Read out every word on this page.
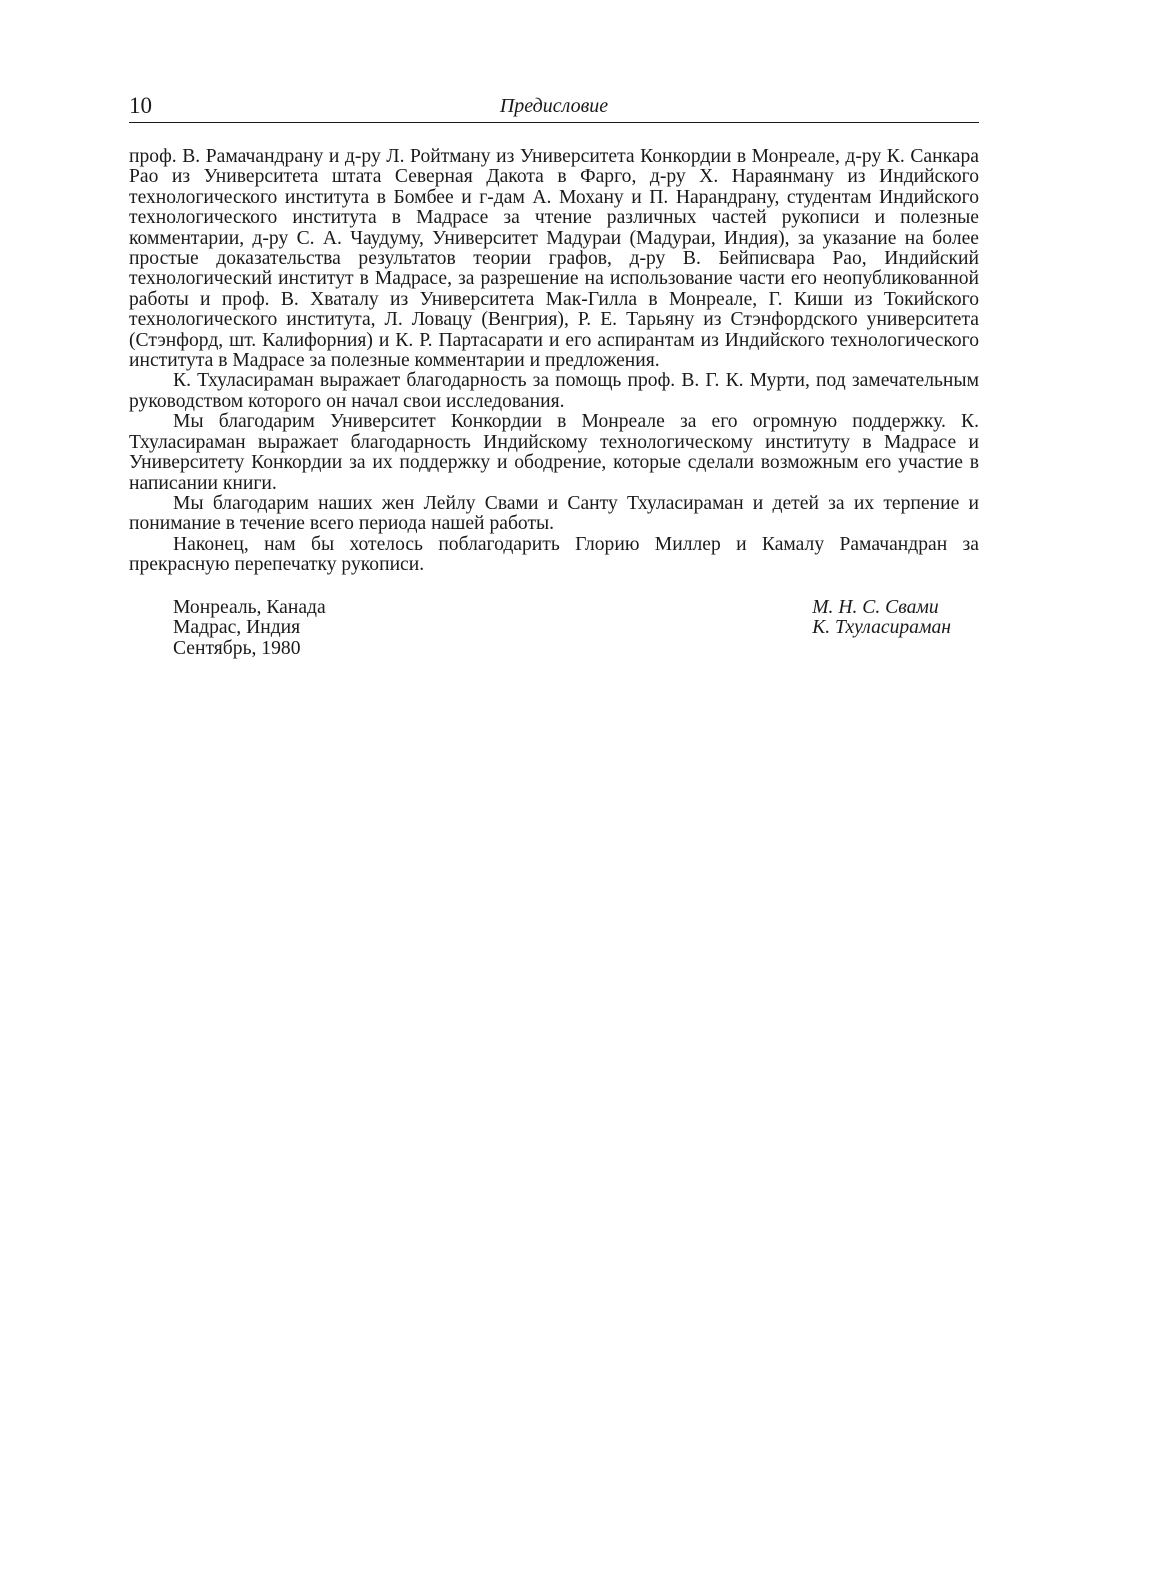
10	Предисловие

проф. В. Рамачандрану и д-ру Л. Ройтману из Университета Конкордии в Монреале, д-ру К. Санкара Рао из Университета штата Северная Дакота в Фарго, д-ру Х. Нараянману из Индийского технологического института в Бомбее и г-дам А. Мохану и П. Нарандрану, студентам Индийского технологического института в Мадрасе за чтение различных частей рукописи и полезные комментарии, д-ру С. А. Чаудуму, Университет Мадураи (Мадураи, Индия), за указание на более простые доказательства результатов теории графов, д-ру В. Бейписвара Рао, Индийский технологический институт в Мадрасе, за разрешение на использование части его неопубликованной работы и проф. В. Хваталу из Университета Мак-Гилла в Монреале, Г. Киши из Токийского технологического института, Л. Ловацу (Венгрия), Р. Е. Тарьяну из Стэнфордского университета (Стэнфорд, шт. Калифорния) и К. Р. Партасарати и его аспирантам из Индийского технологического института в Мадрасе за полезные комментарии и предложения.

К. Тхуласираман выражает благодарность за помощь проф. В. Г. К. Мурти, под замечательным руководством которого он начал свои исследования.

Мы благодарим Университет Конкордии в Монреале за его огромную поддержку. К. Тхуласираман выражает благодарность Индийскому технологическому институту в Мадрасе и Университету Конкордии за их поддержку и ободрение, которые сделали возможным его участие в написании книги.

Мы благодарим наших жен Лейлу Свами и Санту Тхуласираман и детей за их терпение и понимание в течение всего периода нашей работы.

Наконец, нам бы хотелось поблагодарить Глорию Миллер и Камалу Рамачандран за прекрасную перепечатку рукописи.

Монреаль, Канада
Мадрас, Индия
Сентябрь, 1980
М. Н. С. Свами
К. Тхуласираман
